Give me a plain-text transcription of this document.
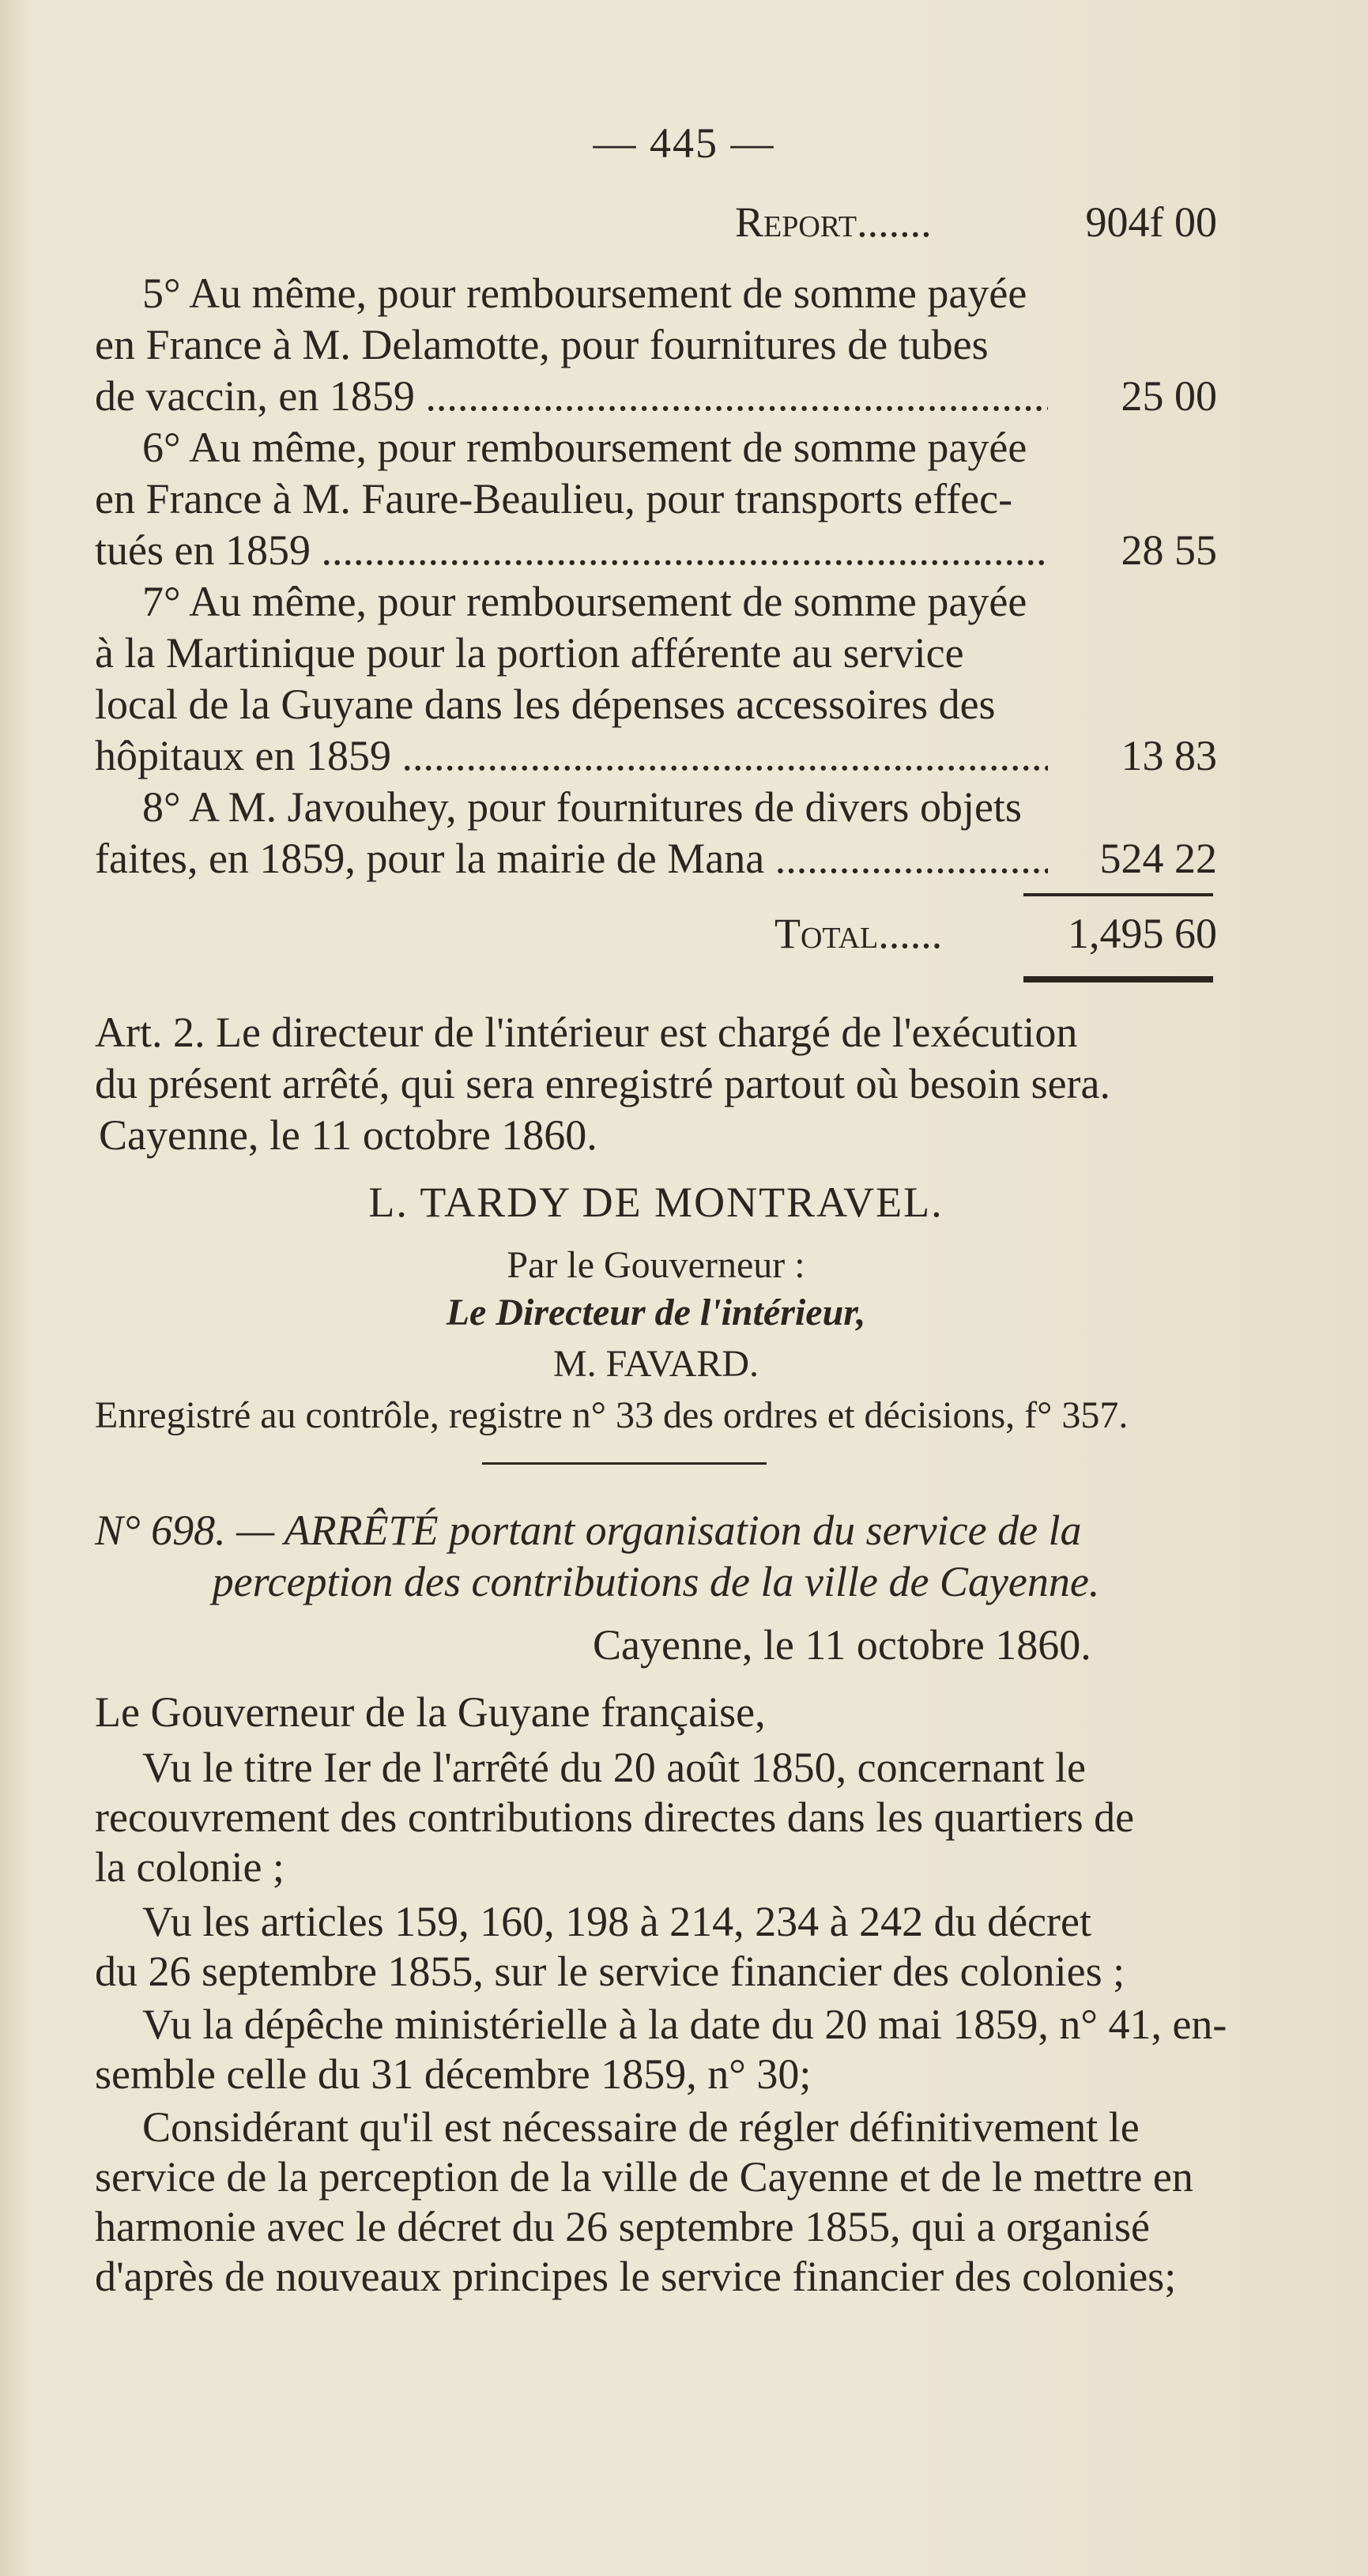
— 445 —
Report.......	904f 00
5° Au même, pour remboursement de somme payée
en France à M. Delamotte, pour fournitures de tubes
de vaccin, en 1859 .....	25 00
6° Au même, pour remboursement de somme payée
en France à M. Faure-Beaulieu, pour transports effec-
tués en 1859 .....	28 55
7° Au même, pour remboursement de somme payée
à la Martinique pour la portion afférente au service
local de la Guyane dans les dépenses accessoires des
hôpitaux en 1859 .....	13 83
8° A M. Javouhey, pour fournitures de divers objets
faites, en 1859, pour la mairie de Mana .....	524 22
Total......	1,495 60
Art. 2. Le directeur de l'intérieur est chargé de l'exécution
du présent arrêté, qui sera enregistré partout où besoin sera.
Cayenne, le 11 octobre 1860.
L. TARDY DE MONTRAVEL.
Par le Gouverneur :
Le Directeur de l'intérieur,
M. FAVARD.
Enregistré au contrôle, registre n° 33 des ordres et décisions, f° 357.
N° 698. — ARRÊTÉ portant organisation du service de la
perception des contributions de la ville de Cayenne.
Cayenne, le 11 octobre 1860.
Le Gouverneur de la Guyane française,
Vu le titre Ier de l'arrêté du 20 août 1850, concernant le
recouvrement des contributions directes dans les quartiers de
la colonie ;
Vu les articles 159, 160, 198 à 214, 234 à 242 du décret
du 26 septembre 1855, sur le service financier des colonies ;
Vu la dépêche ministérielle à la date du 20 mai 1859, n° 41, en-
semble celle du 31 décembre 1859, n° 30;
Considérant qu'il est nécessaire de régler définitivement le
service de la perception de la ville de Cayenne et de le mettre en
harmonie avec le décret du 26 septembre 1855, qui a organisé
d'après de nouveaux principes le service financier des colonies;
